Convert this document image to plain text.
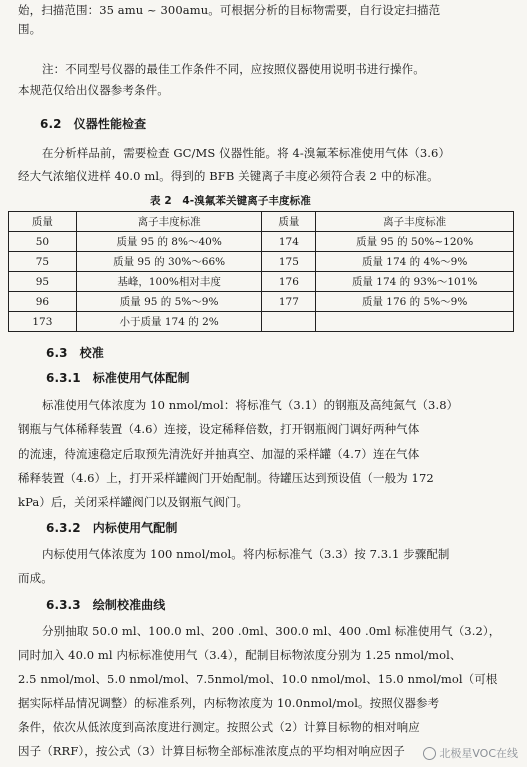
始，扫描范围：35 amu ~ 300amu。可根据分析的目标物需要，自行设定扫描范
围。
注：不同型号仪器的最佳工作条件不同，应按照仪器使用说明书进行操作。
本规范仅给出仪器参考条件。
6.2　仪器性能检查
在分析样品前，需要检查 GC/MS 仪器性能。将 4-溴氟苯标准使用气体（3.6）
经大气浓缩仪进样 40.0 ml。得到的 BFB 关键离子丰度必须符合表 2 中的标准。
表 2　4-溴氟苯关键离子丰度标准
质量	离子丰度标准	质量	离子丰度标准
50	质量 95 的 8%～40%	174	质量 95 的 50%~120%
75	质量 95 的 30%～66%	175	质量 174 的 4%～9%
95	基峰，100%相对丰度	176	质量 174 的 93%～101%
96	质量 95 的 5%～9%	177	质量 176 的 5%～9%
173	小于质量 174 的 2%		
6.3　校准
6.3.1　标准使用气体配制
标准使用气体浓度为 10 nmol/mol：将标准气（3.1）的钢瓶及高纯氮气（3.8）
钢瓶与气体稀释装置（4.6）连接，设定稀释倍数，打开钢瓶阀门调好两种气体
的流速，待流速稳定后取预先清洗好并抽真空、加湿的采样罐（4.7）连在气体
稀释装置（4.6）上，打开采样罐阀门开始配制。待罐压达到预设值（一般为 172
kPa）后，关闭采样罐阀门以及钢瓶气阀门。
6.3.2　内标使用气配制
内标使用气体浓度为 100 nmol/mol。将内标标准气（3.3）按 7.3.1 步骤配制
而成。
6.3.3　绘制校准曲线
分别抽取 50.0 ml、100.0 ml、200 .0ml、300.0 ml、400 .0ml 标准使用气（3.2），
同时加入 40.0 ml 内标标准使用气（3.4），配制目标物浓度分别为 1.25 nmol/mol、
2.5 nmol/mol、5.0 nmol/mol、7.5nmol/mol、10.0 nmol/mol、15.0 nmol/mol（可根
据实际样品情况调整）的标准系列，内标物浓度为 10.0nmol/mol。按照仪器参考
条件，依次从低浓度到高浓度进行测定。按照公式（2）计算目标物的相对响应
因子（RRF），按公式（3）计算目标物全部标准浓度点的平均相对响应因子	北极星VOC在线
